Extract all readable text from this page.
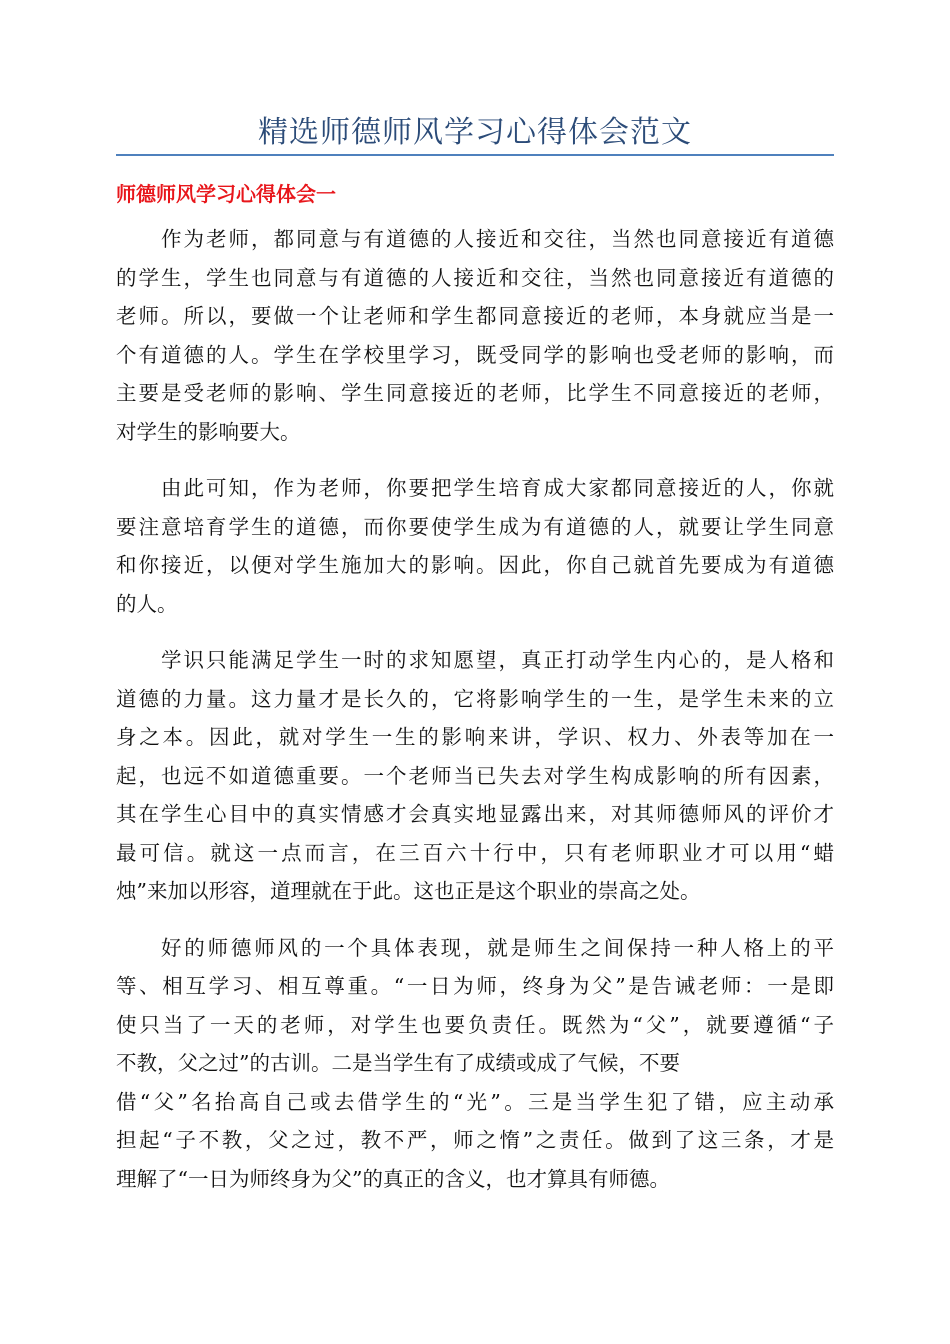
精选师德师风学习心得体会范文
师德师风学习心得体会一
作为老师，都同意与有道德的人接近和交往，当然也同意接近有道德
的学生，学生也同意与有道德的人接近和交往，当然也同意接近有道德的
老师。所以，要做一个让老师和学生都同意接近的老师，本身就应当是一
个有道德的人。学生在学校里学习，既受同学的影响也受老师的影响，而
主要是受老师的影响、学生同意接近的老师，比学生不同意接近的老师，
对学生的影响要大。
由此可知，作为老师，你要把学生培育成大家都同意接近的人，你就
要注意培育学生的道德，而你要使学生成为有道德的人，就要让学生同意
和你接近，以便对学生施加大的影响。因此，你自己就首先要成为有道德
的人。
学识只能满足学生一时的求知愿望，真正打动学生内心的，是人格和
道德的力量。这力量才是长久的，它将影响学生的一生，是学生未来的立
身之本。因此，就对学生一生的影响来讲，学识、权力、外表等加在一
起，也远不如道德重要。一个老师当已失去对学生构成影响的所有因素，
其在学生心目中的真实情感才会真实地显露出来，对其师德师风的评价才
最可信。就这一点而言，在三百六十行中，只有老师职业才可以用“蜡
烛”来加以形容，道理就在于此。这也正是这个职业的崇高之处。
好的师德师风的一个具体表现，就是师生之间保持一种人格上的平
等、相互学习、相互尊重。“一日为师，终身为父”是告诫老师：一是即
使只当了一天的老师，对学生也要负责任。既然为“父”，就要遵循“子
不教，父之过”的古训。二是当学生有了成绩或成了气候，不要
借“父”名抬高自己或去借学生的“光”。三是当学生犯了错，应主动承
担起“子不教，父之过，教不严，师之惰”之责任。做到了这三条，才是
理解了“一日为师终身为父”的真正的含义，也才算具有师德。
